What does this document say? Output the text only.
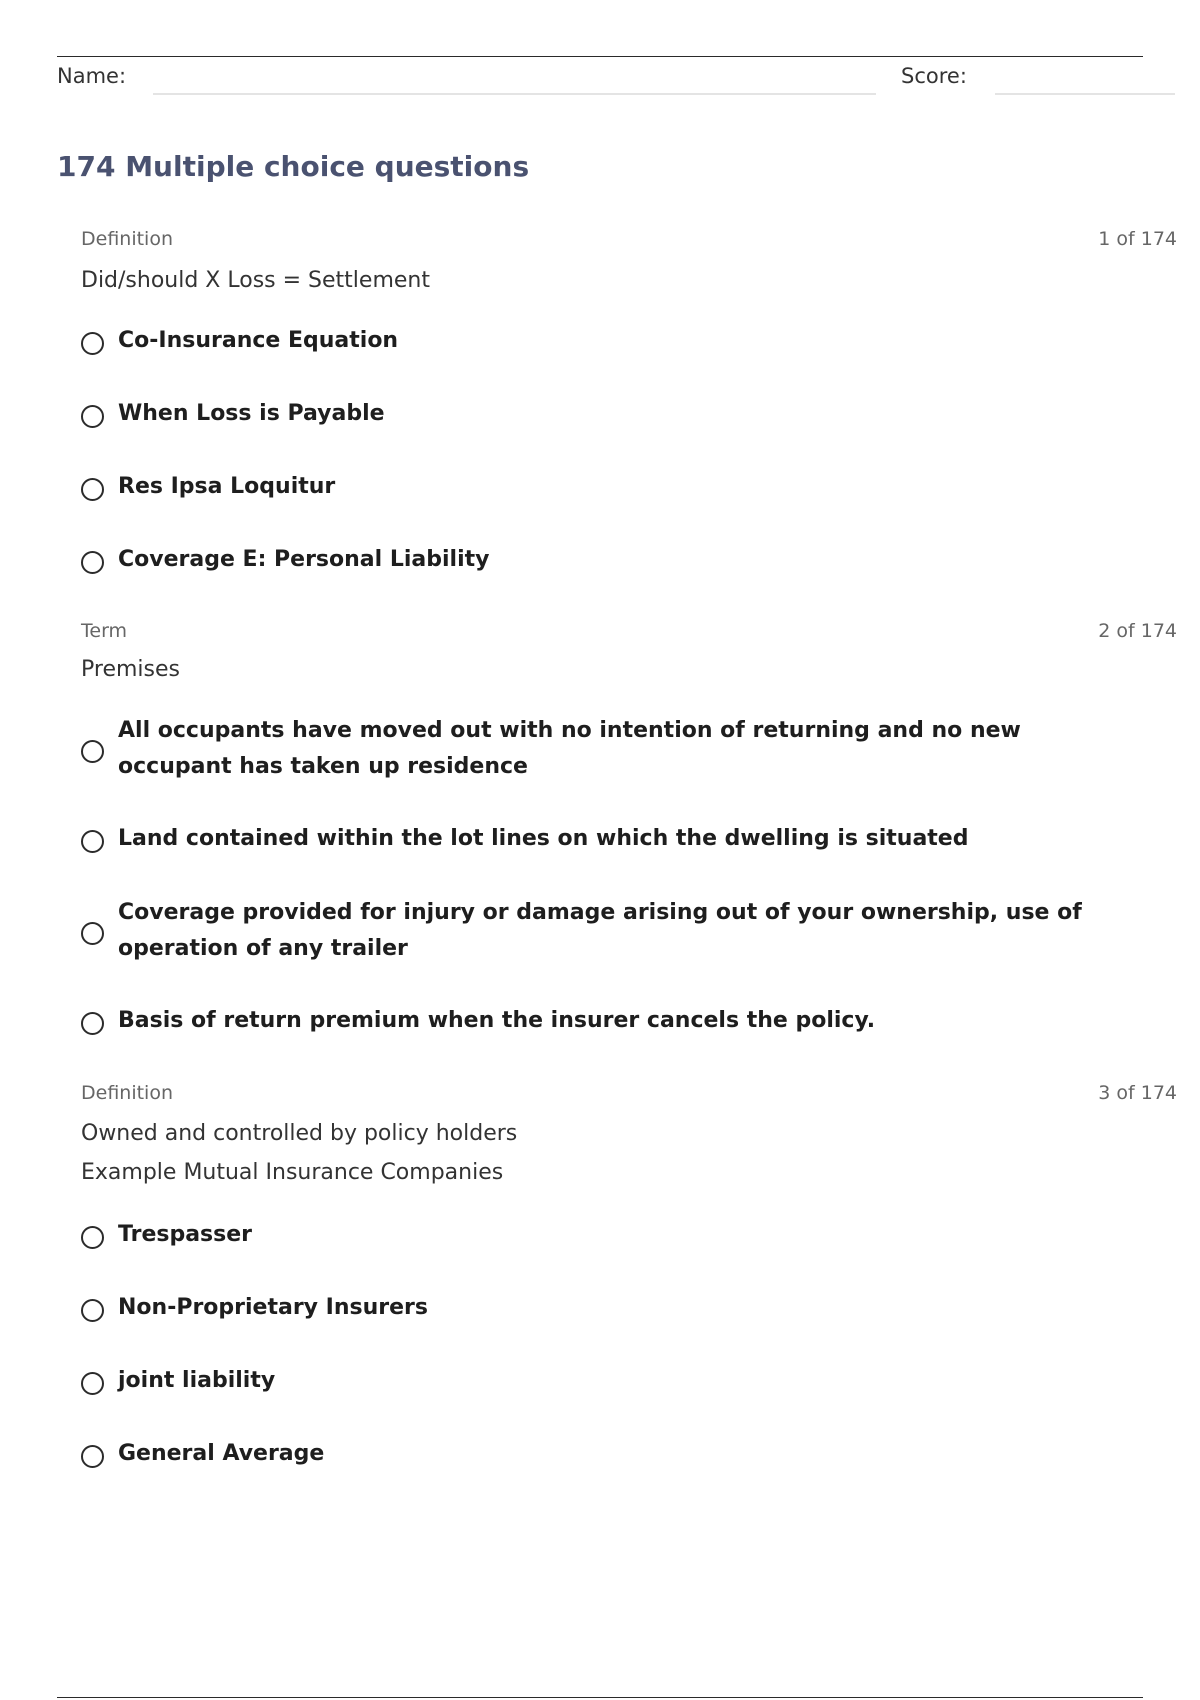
Name:	Score:
174 Multiple choice questions
Definition	1 of 174
Did/should X Loss = Settlement
Co-Insurance Equation
When Loss is Payable
Res Ipsa Loquitur
Coverage E: Personal Liability
Term	2 of 174
Premises
All occupants have moved out with no intention of returning and no new occupant has taken up residence
Land contained within the lot lines on which the dwelling is situated
Coverage provided for injury or damage arising out of your ownership, use of operation of any trailer
Basis of return premium when the insurer cancels the policy.
Definition	3 of 174
Owned and controlled by policy holders
Example Mutual Insurance Companies
Trespasser
Non-Proprietary Insurers
joint liability
General Average
